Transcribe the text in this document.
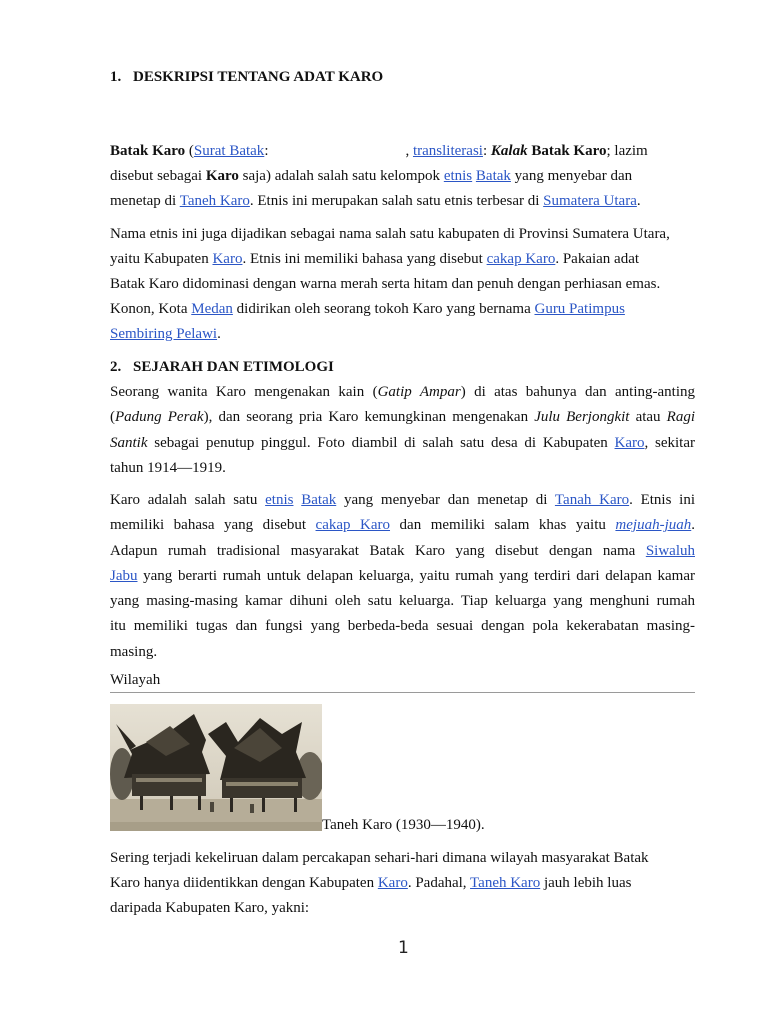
1. DESKRIPSI TENTANG ADAT KARO
Batak Karo (Surat Batak:	, transliterasi: Kalak Batak Karo; lazim
disebut sebagai Karo saja) adalah salah satu kelompok etnis Batak yang menyebar dan
menetap di Taneh Karo. Etnis ini merupakan salah satu etnis terbesar di Sumatera Utara.
Nama etnis ini juga dijadikan sebagai nama salah satu kabupaten di Provinsi Sumatera Utara,
yaitu Kabupaten Karo. Etnis ini memiliki bahasa yang disebut cakap Karo. Pakaian adat
Batak Karo didominasi dengan warna merah serta hitam dan penuh dengan perhiasan emas.
Konon, Kota Medan didirikan oleh seorang tokoh Karo yang bernama Guru Patimpus
Sembiring Pelawi.
2. SEJARAH DAN ETIMOLOGI
Seorang wanita Karo mengenakan kain (Gatip Ampar) di atas bahunya dan anting-anting
(Padung Perak), dan seorang pria Karo kemungkinan mengenakan Julu Berjongkit atau Ragi
Santik sebagai penutup pinggul. Foto diambil di salah satu desa di Kabupaten Karo, sekitar
tahun 1914—1919.
Karo adalah salah satu etnis Batak yang menyebar dan menetap di Tanah Karo. Etnis ini
memiliki bahasa yang disebut cakap Karo dan memiliki salam khas yaitu mejuah-juah.
Adapun rumah tradisional masyarakat Batak Karo yang disebut dengan nama Siwaluh
Jabu yang berarti rumah untuk delapan keluarga, yaitu rumah yang terdiri dari delapan kamar
yang masing-masing kamar dihuni oleh satu keluarga. Tiap keluarga yang menghuni rumah
itu memiliki tugas dan fungsi yang berbeda-beda sesuai dengan pola kekerabatan masing-
masing.
Wilayah
Taneh Karo (1930—1940).
Sering terjadi kekeliruan dalam percakapan sehari-hari dimana wilayah masyarakat Batak
Karo hanya diidentikkan dengan Kabupaten Karo. Padahal, Taneh Karo jauh lebih luas
daripada Kabupaten Karo, yakni:
1
